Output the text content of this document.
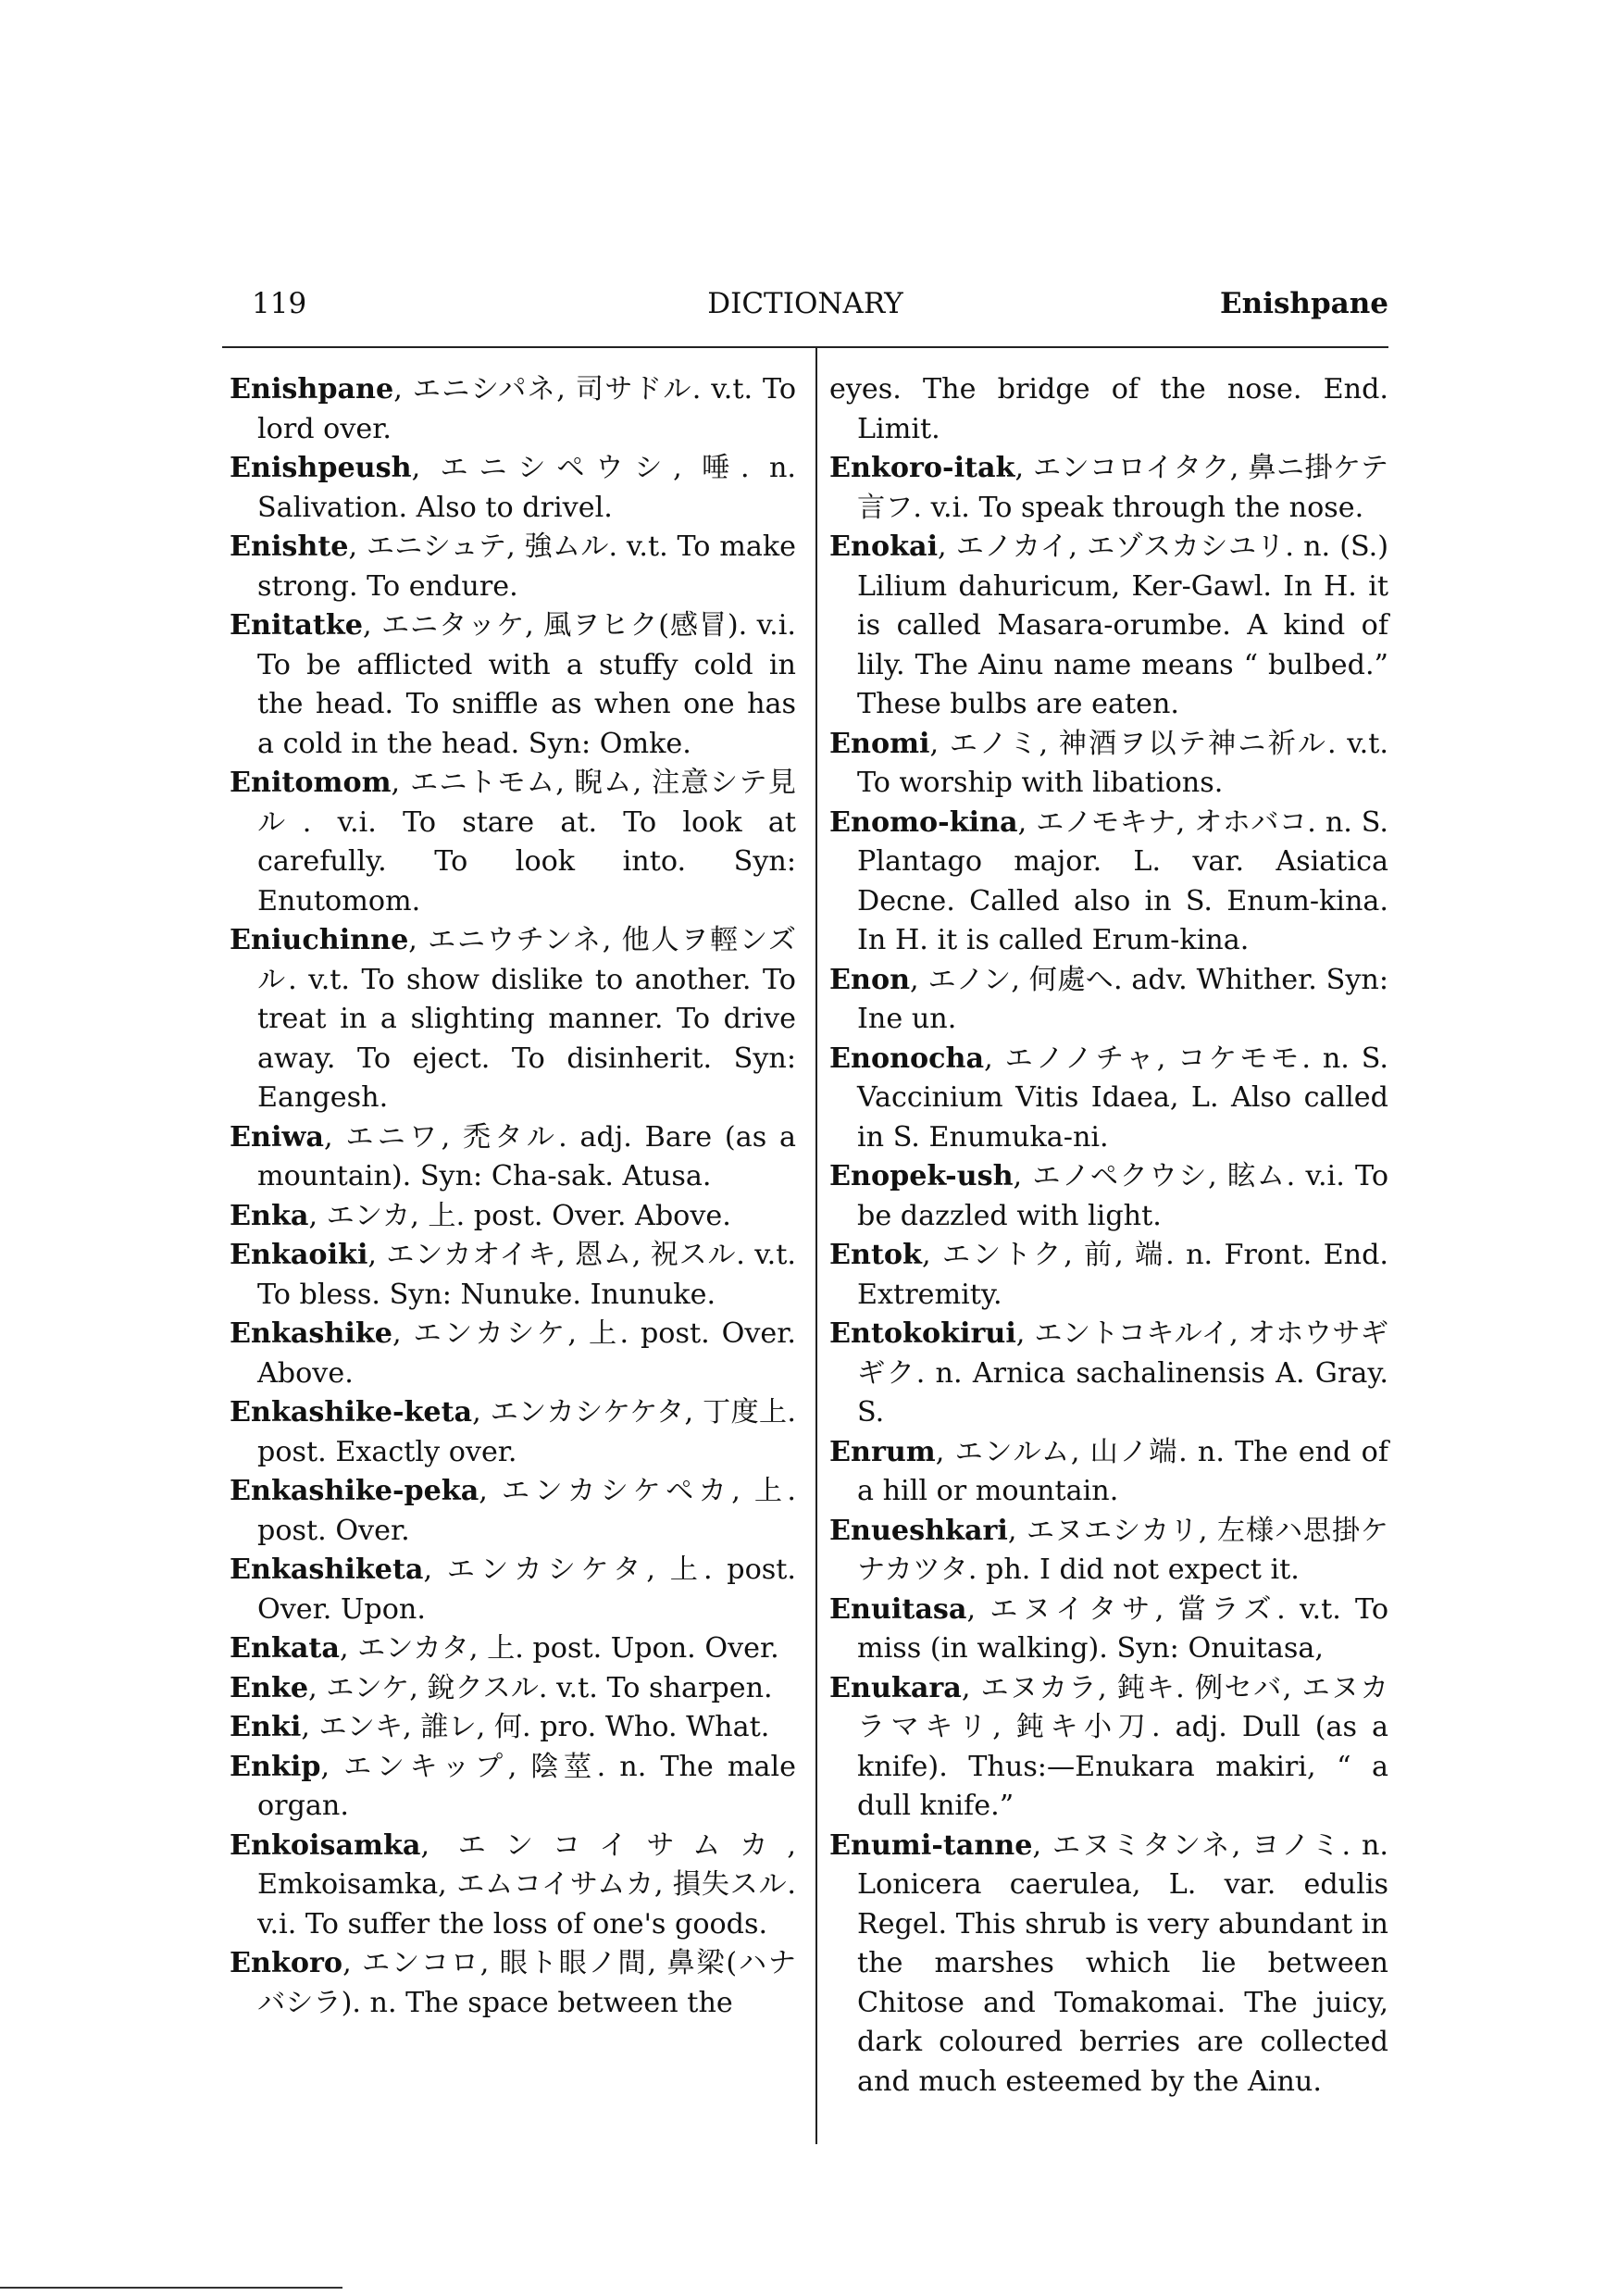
119	DICTIONARY	Enishpane

Enishpane, エニシパネ, 司サドル. v.t. To lord over.

Enishpeush, エニシペウシ, 唾. n. Salivation. Also to drivel.

Enishte, エニシュテ, 強ムル. v.t. To make strong. To endure.

Enitatke, エニタッケ, 風ヲヒク(感冒). v.i. To be afflicted with a stuffy cold in the head. To sniffle as when one has a cold in the head. Syn: Omke.

Enitomom, エニトモム, 睨ム, 注意シテ見ル. v.i. To stare at. To look at carefully. To look into. Syn: Enutomom.

Eniuchinne, エニウチンネ, 他人ヲ輕ンズル. v.t. To show dislike to another. To treat in a slighting manner. To drive away. To eject. To disinherit. Syn: Eangesh.

Eniwa, エニワ, 禿タル. adj. Bare (as a mountain). Syn: Cha-sak. Atusa.

Enka, エンカ, 上. post. Over. Above.

Enkaoiki, エンカオイキ, 恩ム, 祝スル. v.t. To bless. Syn: Nunuke. Inunuke.

Enkashike, エンカシケ, 上. post. Over. Above.

Enkashike-keta, エンカシケケタ, 丁度上. post. Exactly over.

Enkashike-peka, エンカシケペカ, 上. post. Over.

Enkashiketa, エンカシケタ, 上. post. Over. Upon.

Enkata, エンカタ, 上. post. Upon. Over.

Enke, エンケ, 銳クスル. v.t. To sharpen.

Enki, エンキ, 誰レ, 何. pro. Who. What.

Enkip, エンキップ, 陰莖. n. The male organ.

Enkoisamka, エンコイサムカ, Emkoisamka, エムコイサムカ, 損失スル. v.i. To suffer the loss of one's goods.

Enkoro, エンコロ, 眼ト眼ノ間, 鼻梁(ハナバシラ). n. The space between the

eyes. The bridge of the nose. End. Limit.

Enkoro-itak, エンコロイタク, 鼻ニ掛ケテ言フ. v.i. To speak through the nose.

Enokai, エノカイ, エゾスカシユリ. n. (S.) Lilium dahuricum, Ker-Gawl. In H. it is called Masara-orumbe. A kind of lily. The Ainu name means “ bulbed.” These bulbs are eaten.

Enomi, エノミ, 神酒ヲ以テ神ニ祈ル. v.t. To worship with libations.

Enomo-kina, エノモキナ, オホバコ. n. S. Plantago major. L. var. Asiatica Decne. Called also in S. Enum-kina. In H. it is called Erum-kina.

Enon, エノン, 何處ヘ. adv. Whither. Syn: Ine un.

Enonocha, エノノチャ, コケモモ. n. S. Vaccinium Vitis Idaea, L. Also called in S. Enumuka-ni.

Enopek-ush, エノペクウシ, 眩ム. v.i. To be dazzled with light.

Entok, エントク, 前, 端. n. Front. End. Extremity.

Entokokirui, エントコキルイ, オホウサギギク. n. Arnica sachalinensis A. Gray. S.

Enrum, エンルム, 山ノ端. n. The end of a hill or mountain.

Enueshkari, エヌエシカリ, 左様ハ思掛ケナカツタ. ph. I did not expect it.

Enuitasa, エヌイタサ, 當ラズ. v.t. To miss (in walking). Syn: Onuitasa,

Enukara, エヌカラ, 鈍キ. 例セバ, エヌカラマキリ, 鈍キ小刀. adj. Dull (as a knife). Thus:—Enukara makiri, “ a dull knife.”

Enumi-tanne, エヌミタンネ, ヨノミ. n. Lonicera caerulea, L. var. edulis Regel. This shrub is very abundant in the marshes which lie between Chitose and Tomakomai. The juicy, dark coloured berries are collected and much esteemed by the Ainu.
